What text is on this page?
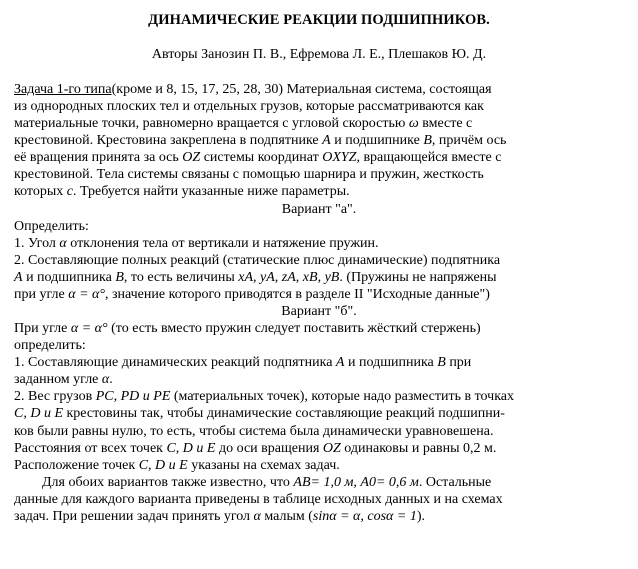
ДИНАМИЧЕСКИЕ РЕАКЦИИ ПОДШИПНИКОВ.
Авторы Занозин П. В., Ефремова Л. Е., Плешаков Ю. Д.

Задача 1-го типа(кроме и 8, 15, 17, 25, 28, 30) Материальная система, состоящая
из однородных плоских тел и отдельных грузов, которые рассматриваются как
материальные точки, равномерно вращается с угловой скоростью ω вместе с
крестовиной. Крестовина закреплена в подпятнике A и подшипнике B, причём ось
её вращения принята за ось OZ системы координат OXYZ, вращающейся вместе с
крестовиной. Тела системы связаны с помощью шарнира и пружин, жесткость
которых c. Требуется найти указанные ниже параметры.

Вариант "а".

Определить:

1. Угол α отклонения тела от вертикали и натяжение пружин.

2. Составляющие полных реакций (статические плюс динамические) подпятника
A и подшипника B, то есть величины xA, yA, zA, xB, yB. (Пружины не напряжены
при угле α = α°, значение которого приводятся в разделе II "Исходные данные")

Вариант "б".

При угле α = α° (то есть вместо пружин следует поставить жёсткий стержень)
определить:

1. Составляющие динамических реакций подпятника A и подшипника B при
заданном угле α.

2. Вес грузов PC, PD и PE (материальных точек), которые надо разместить в точках
C, D и E крестовины так, чтобы динамические составляющие реакций подшипни-
ков были равны нулю, то есть, чтобы система была динамически уравновешена.
Расстояния от всех точек C, D и E до оси вращения OZ одинаковы и равны 0,2 м.
Расположение точек C, D и E указаны на схемах задач.

Для обоих вариантов также известно, что AB= 1,0 м, A0= 0,6 м. Остальные
данные для каждого варианта приведены в таблице исходных данных и на схемах
задач. При решении задач принять угол α малым (sinα = α, cosα = 1).
